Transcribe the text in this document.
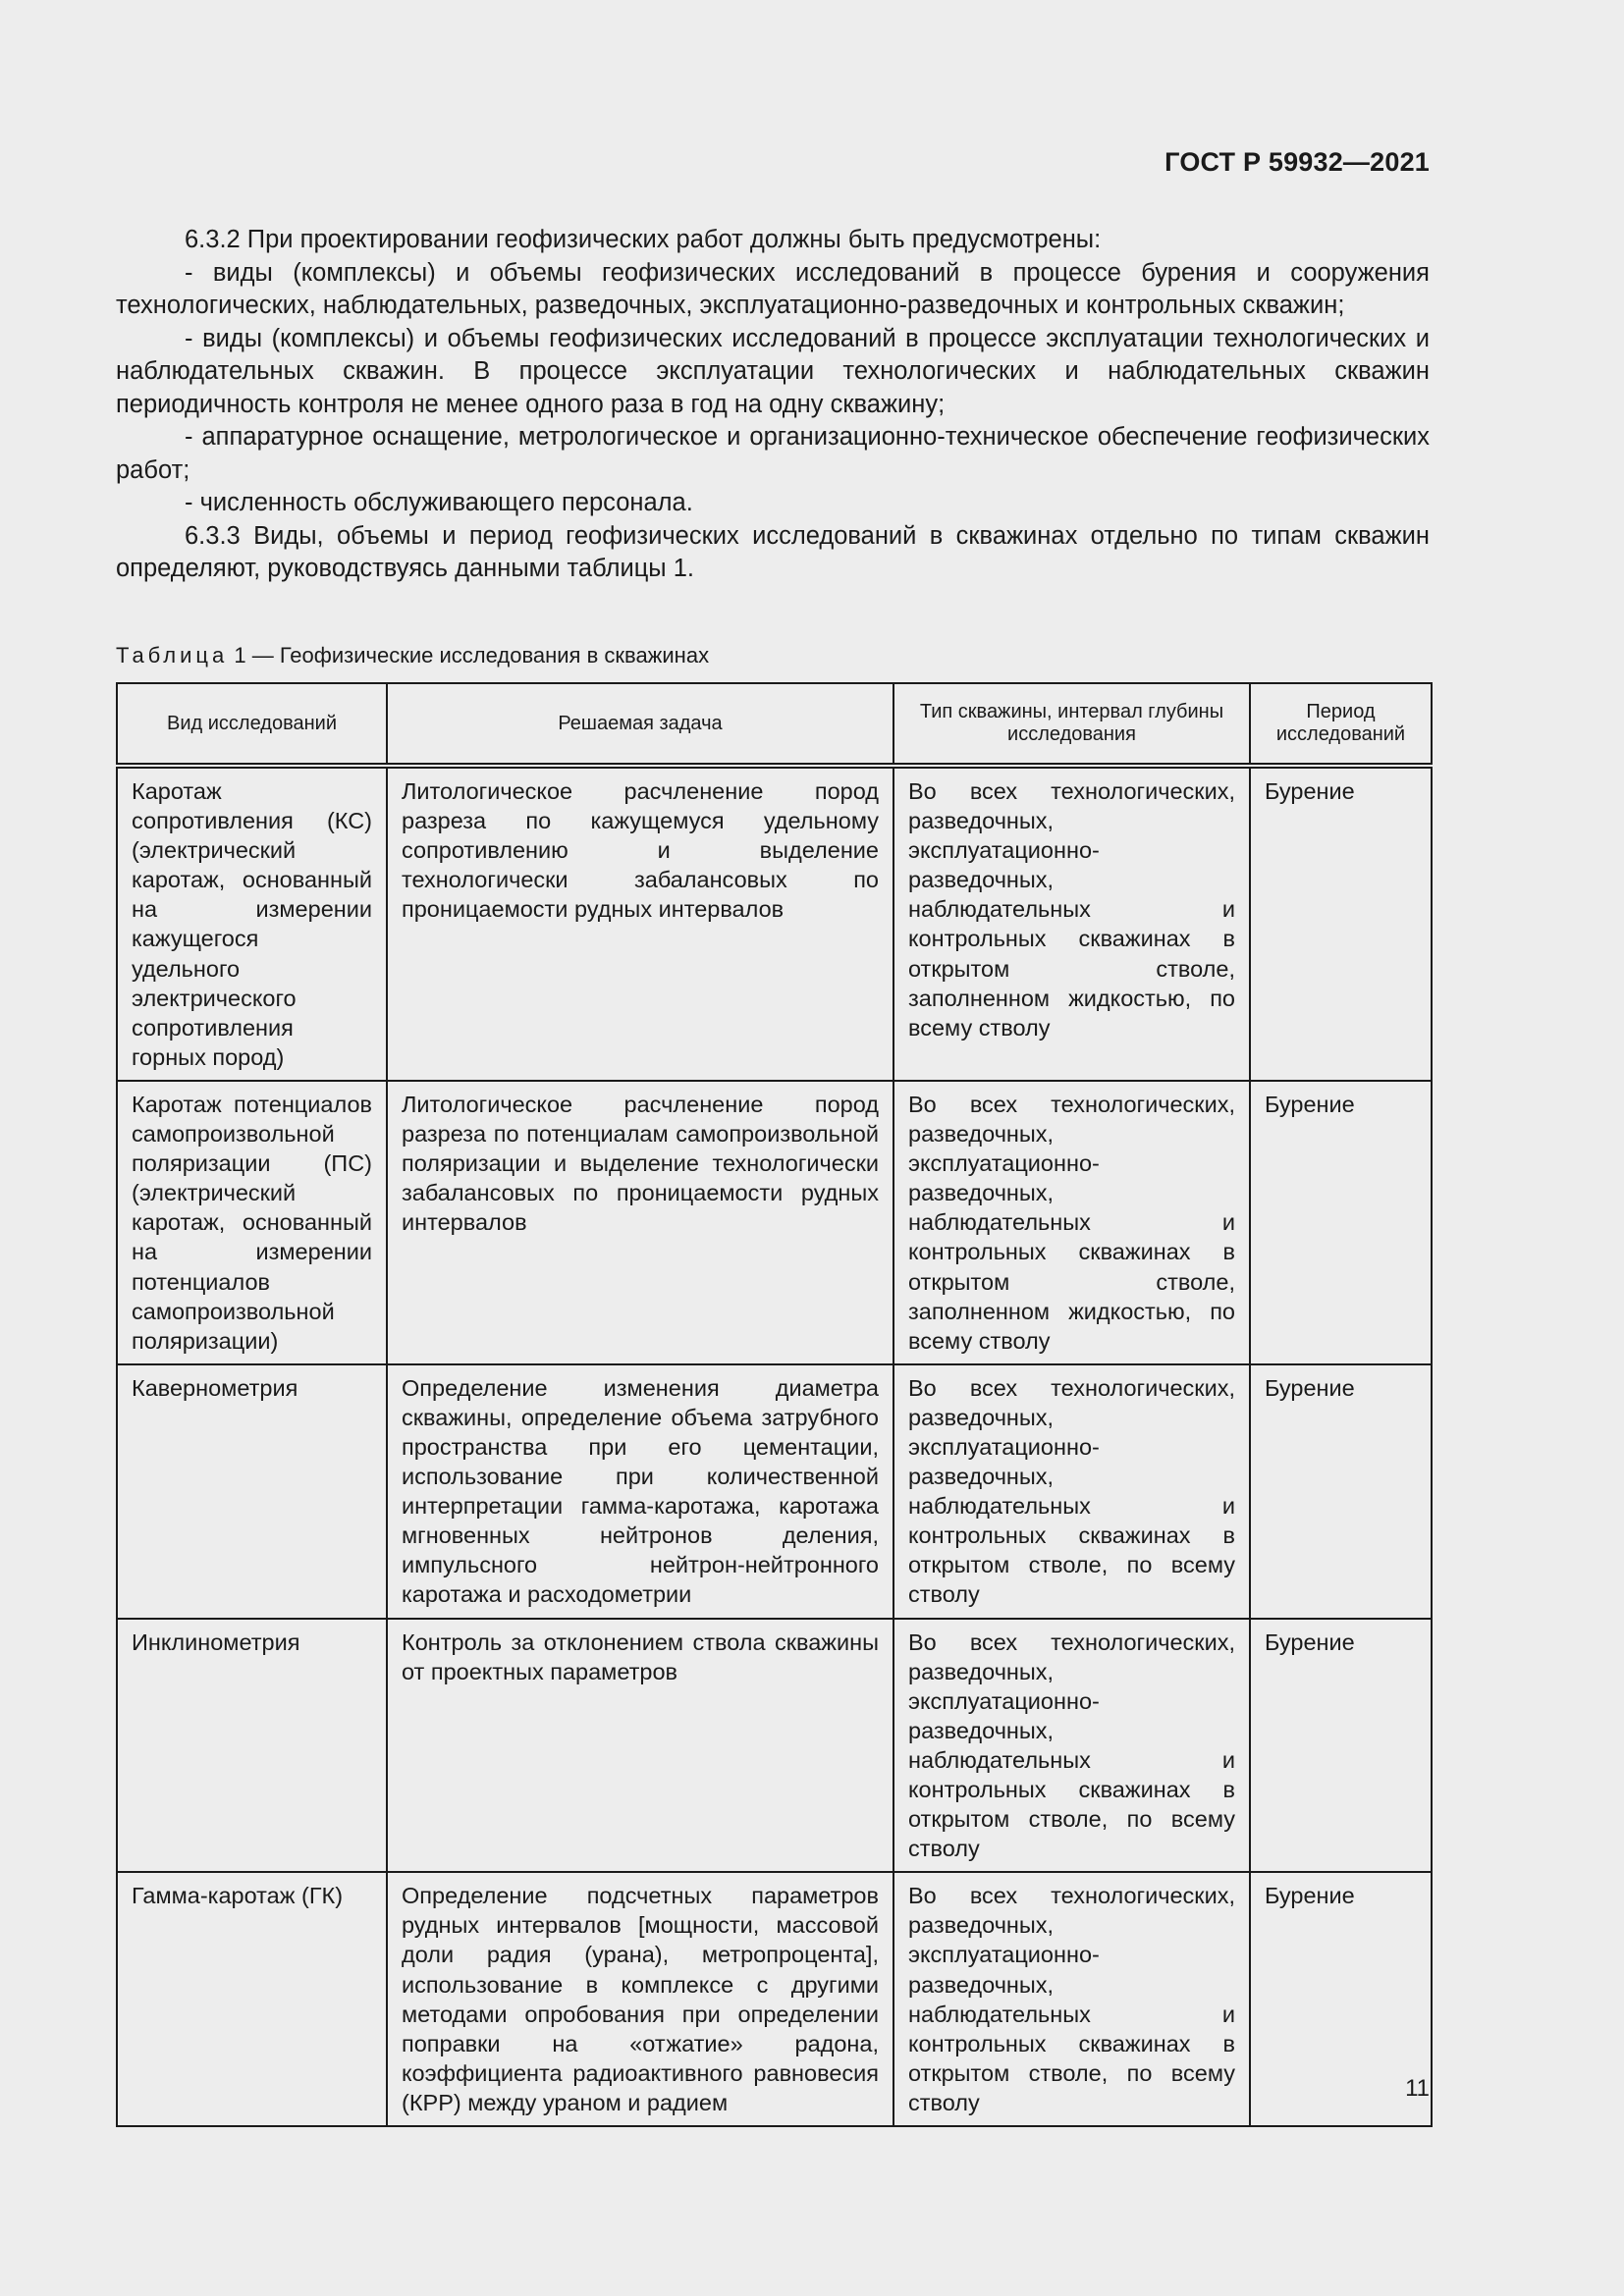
ГОСТ Р 59932—2021

6.3.2 При проектировании геофизических работ должны быть предусмотрены:

- виды (комплексы) и объемы геофизических исследований в процессе бурения и сооружения технологических, наблюдательных, разведочных, эксплуатационно-разведочных и контрольных скважин;

- виды (комплексы) и объемы геофизических исследований в процессе эксплуатации технологических и наблюдательных скважин. В процессе эксплуатации технологических и наблюдательных скважин периодичность контроля не менее одного раза в год на одну скважину;

- аппаратурное оснащение, метрологическое и организационно-техническое обеспечение геофизических работ;

- численность обслуживающего персонала.

6.3.3 Виды, объемы и период геофизических исследований в скважинах отдельно по типам скважин определяют, руководствуясь данными таблицы 1.

Таблица 1 — Геофизические исследования в скважинах
Вид исследований	Решаемая задача	Тип скважины, интервал глубины исследования	Период исследований
Каротаж сопротивления (КС) (электрический каротаж, основанный на измерении кажущегося удельного электрического сопротивления горных пород)	Литологическое расчленение пород разреза по кажущемуся удельному сопротивлению и выделение технологически забалансовых по проницаемости рудных интервалов	Во всех технологических, разведочных, эксплуатационно-разведочных, наблюдательных и контрольных скважинах в открытом стволе, заполненном жидкостью, по всему стволу	Бурение
Каротаж потенциалов самопроизвольной поляризации (ПС) (электрический каротаж, основанный на измерении потенциалов самопроизвольной поляризации)	Литологическое расчленение пород разреза по потенциалам самопроизвольной поляризации и выделение технологически забалансовых по проницаемости рудных интервалов	Во всех технологических, разведочных, эксплуатационно-разведочных, наблюдательных и контрольных скважинах в открытом стволе, заполненном жидкостью, по всему стволу	Бурение
Кавернометрия	Определение изменения диаметра скважины, определение объема затрубного пространства при его цементации, использование при количественной интерпретации гамма-каротажа, каротажа мгновенных нейтронов деления, импульсного нейтрон-нейтронного каротажа и расходометрии	Во всех технологических, разведочных, эксплуатационно-разведочных, наблюдательных и контрольных скважинах в открытом стволе, по всему стволу	Бурение
Инклинометрия	Контроль за отклонением ствола скважины от проектных параметров	Во всех технологических, разведочных, эксплуатационно-разведочных, наблюдательных и контрольных скважинах в открытом стволе, по всему стволу	Бурение
Гамма-каротаж (ГК)	Определение подсчетных параметров рудных интервалов [мощности, массовой доли радия (урана), метропроцента], использование в комплексе с другими методами опробования при определении поправки на «отжатие» радона, коэффициента радиоактивного равновесия (КРР) между ураном и радием	Во всех технологических, разведочных, эксплуатационно-разведочных, наблюдательных и контрольных скважинах в открытом стволе, по всему стволу	Бурение
11
